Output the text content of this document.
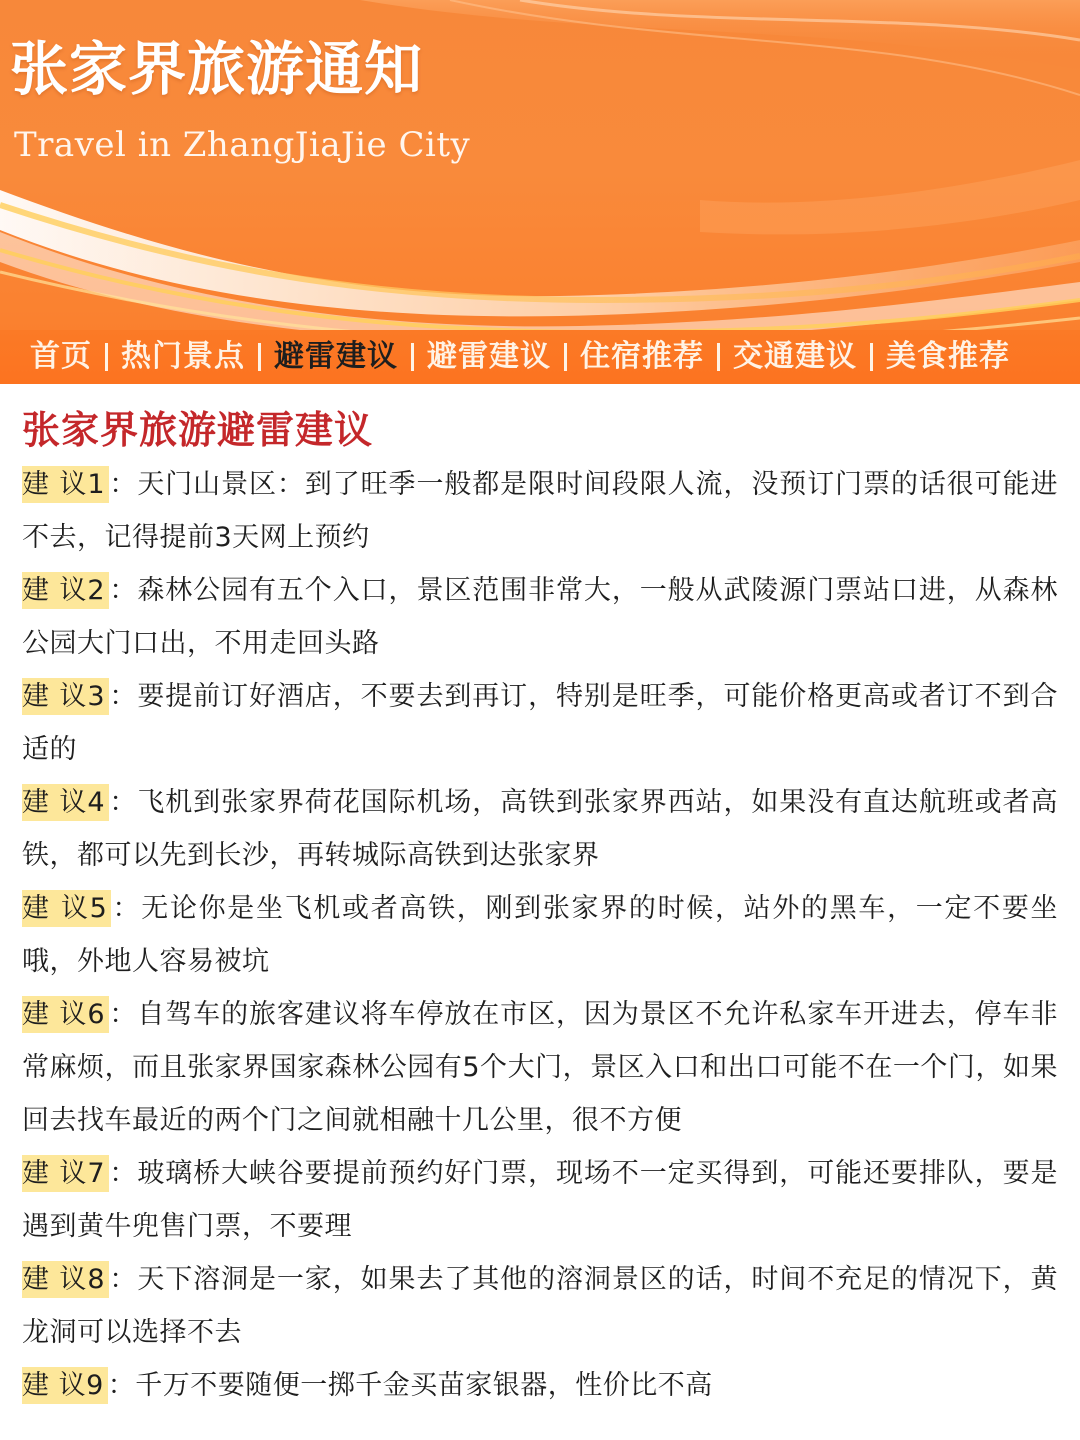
张家界旅游通知
Travel in ZhangJiaJie City
首页 热门景点 避雷建议 避雷建议 住宿推荐 交通建议 美食推荐
张家界旅游避雷建议
建 议1 ：天门山景区：到了旺季一般都是限时间段限人流，没预订门票的话很可能进不去，记得提前3天网上预约
建 议2 ：森林公园有五个入口，景区范围非常大，一般从武陵源门票站口进，从森林公园大门口出，不用走回头路
建 议3 ：要提前订好酒店，不要去到再订，特别是旺季，可能价格更高或者订不到合适的
建 议4 ：飞机到张家界荷花国际机场，高铁到张家界西站，如果没有直达航班或者高铁，都可以先到长沙，再转城际高铁到达张家界
建 议5 ：无论你是坐飞机或者高铁，刚到张家界的时候，站外的黑车，一定不要坐哦，外地人容易被坑
建 议6 ：自驾车的旅客建议将车停放在市区，因为景区不允许私家车开进去，停车非常麻烦，而且张家界国家森林公园有5个大门，景区入口和出口可能不在一个门，如果回去找车最近的两个门之间就相融十几公里，很不方便
建 议7 ：玻璃桥大峡谷要提前预约好门票，现场不一定买得到，可能还要排队，要是遇到黄牛兜售门票，不要理
建 议8 ：天下溶洞是一家，如果去了其他的溶洞景区的话，时间不充足的情况下，黄龙洞可以选择不去
建 议9 ：千万不要随便一掷千金买苗家银器，性价比不高
